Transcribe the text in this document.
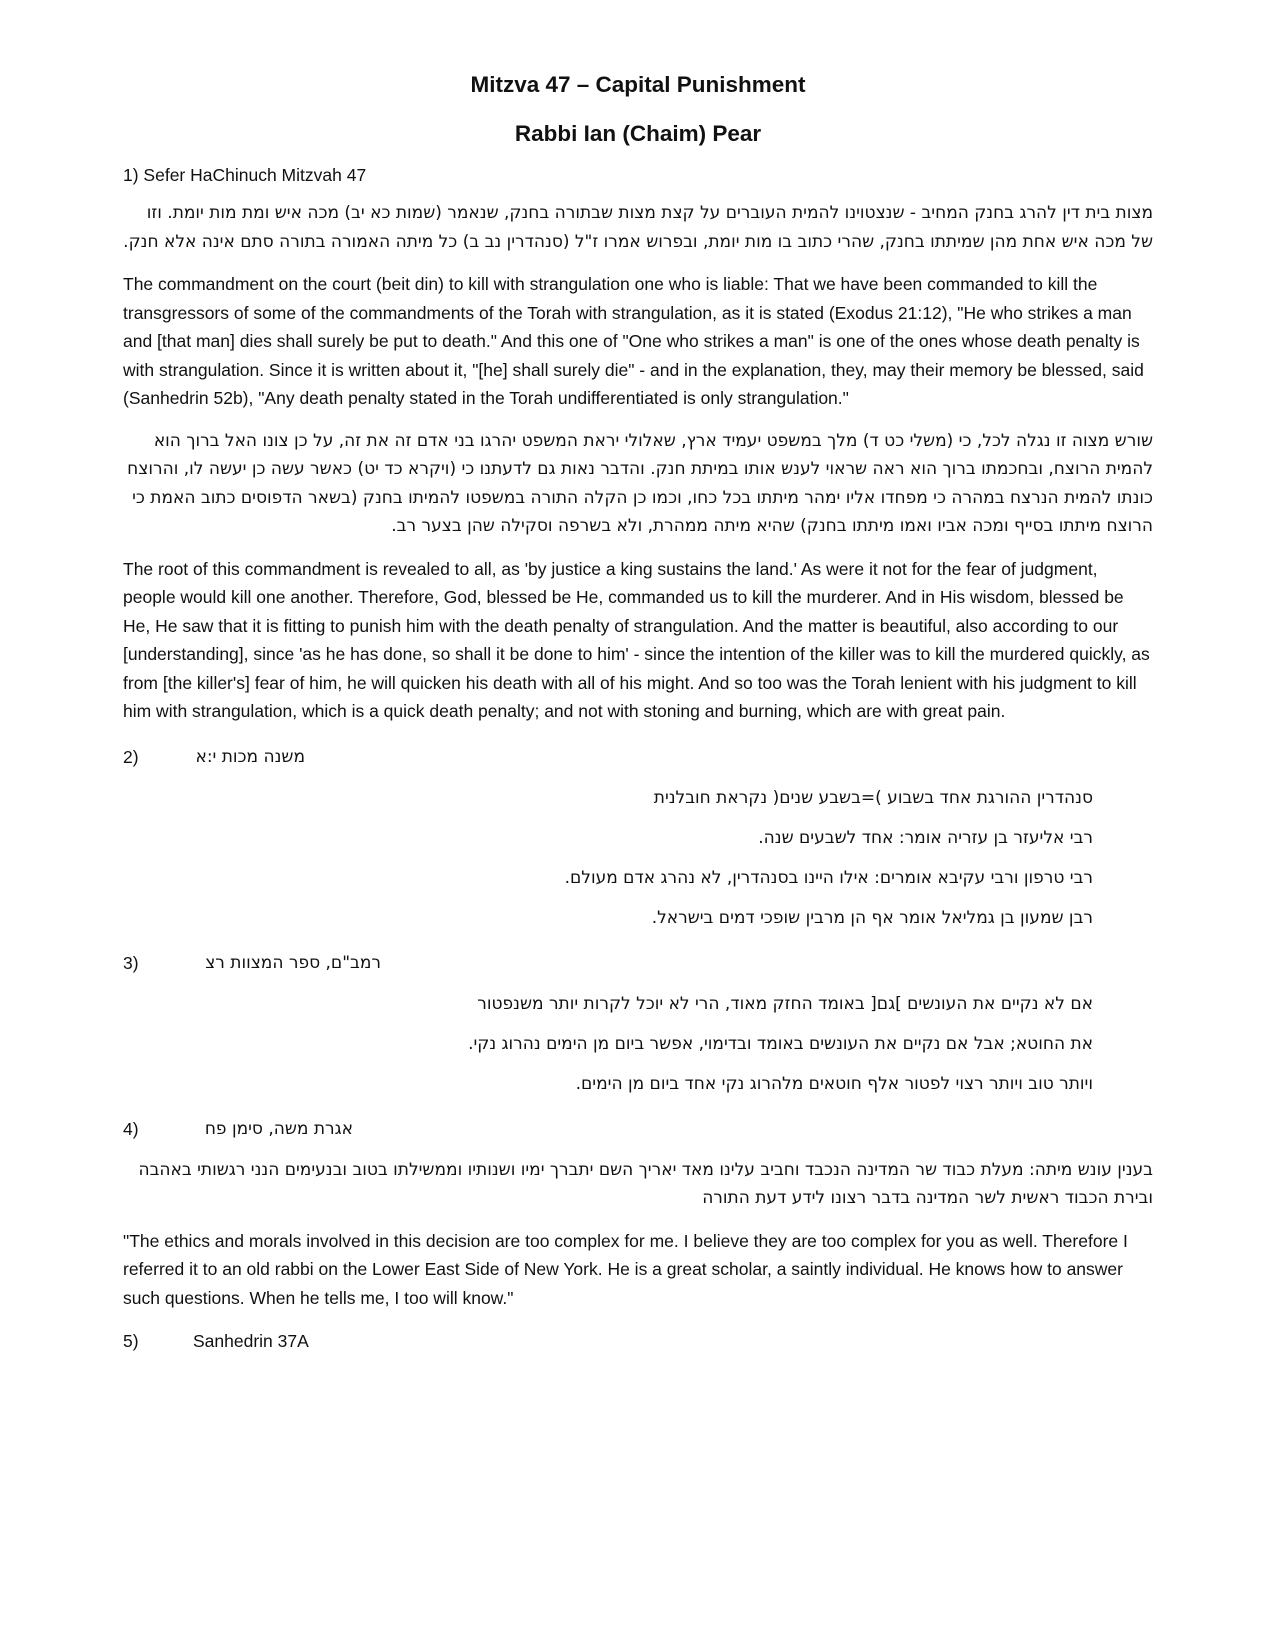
Mitzva 47 – Capital Punishment
Rabbi Ian (Chaim) Pear

1) Sefer HaChinuch Mitzvah 47

מצות בית דין להרג בחנק המחיב - שנצטוינו להמית העוברים על קצת מצות שבתורה בחנק, שנאמר (שמות כא יב) מכה איש ומת מות יומת. וזו של מכה איש אחת מהן שמיתתו בחנק, שהרי כתוב בו מות יומת, ובפרוש אמרו ז"ל (סנהדרין נב ב) כל מיתה האמורה בתורה סתם אינה אלא חנק.

The commandment on the court (beit din) to kill with strangulation one who is liable: That we have been commanded to kill the transgressors of some of the commandments of the Torah with strangulation, as it is stated (Exodus 21:12), "He who strikes a man and [that man] dies shall surely be put to death." And this one of "One who strikes a man" is one of the ones whose death penalty is with strangulation. Since it is written about it, "[he] shall surely die" - and in the explanation, they, may their memory be blessed, said (Sanhedrin 52b), "Any death penalty stated in the Torah undifferentiated is only strangulation."

שורש מצוה זו נגלה לכל, כי (משלי כט ד) מלך במשפט יעמיד ארץ, שאלולי יראת המשפט יהרגו בני אדם זה את זה, על כן צונו האל ברוך הוא להמית הרוצח, ובחכמתו ברוך הוא ראה שראוי לענש אותו במיתת חנק. והדבר נאות גם לדעתנו כי (ויקרא כד יט) כאשר עשה כן יעשה לו, והרוצח כונתו להמית הנרצח במהרה כי מפחדו אליו ימהר מיתתו בכל כחו, וכמו כן הקלה התורה במשפטו להמיתו בחנק (בשאר הדפוסים כתוב האמת כי הרוצח מיתתו בסייף ומכה אביו ואמו מיתתו בחנק) שהיא מיתה ממהרת, ולא בשרפה וסקילה שהן בצער רב.

The root of this commandment is revealed to all, as 'by justice a king sustains the land.' As were it not for the fear of judgment, people would kill one another. Therefore, God, blessed be He, commanded us to kill the murderer. And in His wisdom, blessed be He, He saw that it is fitting to punish him with the death penalty of strangulation. And the matter is beautiful, also according to our [understanding], since 'as he has done, so shall it be done to him' - since the intention of the killer was to kill the murdered quickly, as from [the killer's] fear of him, he will quicken his death with all of his might. And so too was the Torah lenient with his judgment to kill him with strangulation, which is a quick death penalty; and not with stoning and burning, which are with great pain.

2)	משנה מכות י:א

סנהדרין ההורגת אחד בשבוע )=בשבע שנים( נקראת חובלנית

רבי אליעזר בן עזריה אומר: אחד לשבעים שנה.

רבי טרפון ורבי עקיבא אומרים: אילו היינו בסנהדרין, לא נהרג אדם מעולם.

רבן שמעון בן גמליאל אומר אף הן מרבין שופכי דמים בישראל.

3)	רמב"ם, ספר המצוות רצ

אם לא נקיים את העונשים ]גם[ באומד החזק מאוד, הרי לא יוכל לקרות יותר משנפטור

את החוטא; אבל אם נקיים את העונשים באומד ובדימוי, אפשר ביום מן הימים נהרוג נקי.

ויותר טוב ויותר רצוי לפטור אלף חוטאים מלהרוג נקי אחד ביום מן הימים.

4)	אגרת משה, סימן פח

בענין עונש מיתה: מעלת כבוד שר המדינה הנכבד וחביב עלינו מאד יאריך השם יתברך ימיו ושנותיו וממשילתו בטוב ובנעימים הנני רגשותי באהבה ובירת הכבוד ראשית לשר המדינה בדבר רצונו לידע דעת התורה

"The ethics and morals involved in this decision are too complex for me. I believe they are too complex for you as well. Therefore I referred it to an old rabbi on the Lower East Side of New York. He is a great scholar, a saintly individual. He knows how to answer such questions. When he tells me, I too will know."

5)	Sanhedrin 37A
